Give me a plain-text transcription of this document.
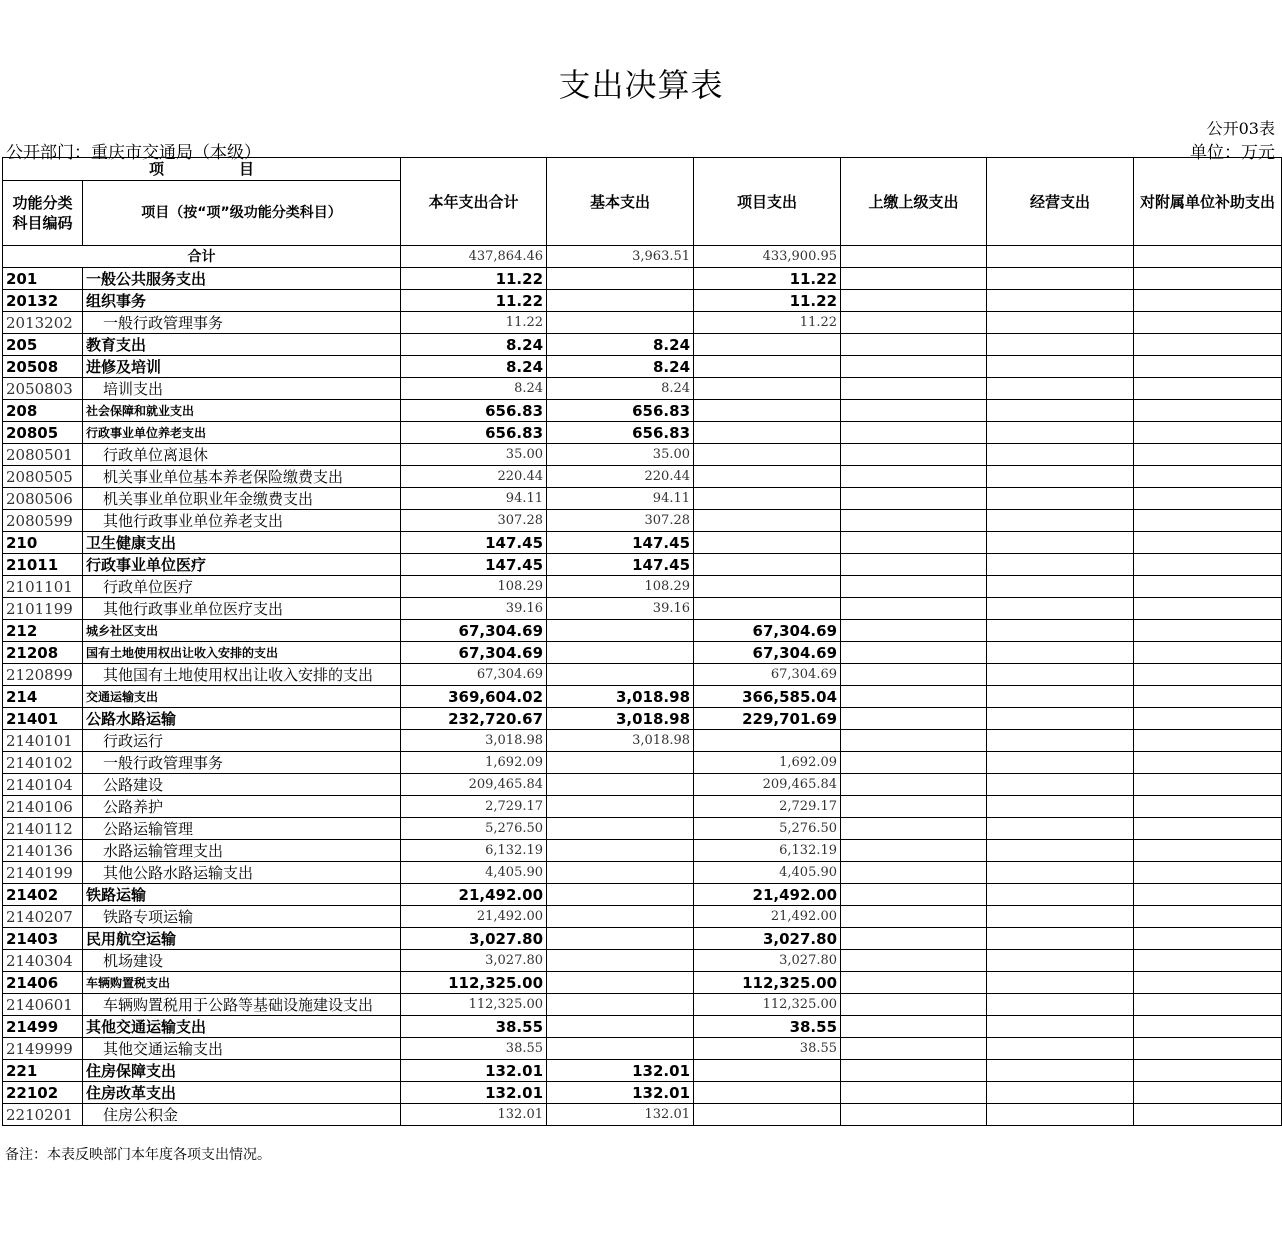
支出决算表
公开03表
公开部门：重庆市交通局（本级）	单位：万元
项　　　　　目		本年支出合计	基本支出	项目支出	上缴上级支出	经营支出	对附属单位补助支出
功能分类科目编码	项目（按“项”级功能分类科目）						
合计		437,864.46	3,963.51	433,900.95			
201	一般公共服务支出	11.22		11.22			
20132	组织事务	11.22		11.22			
2013202	一般行政管理事务	11.22		11.22			
205	教育支出	8.24	8.24				
20508	进修及培训	8.24	8.24				
2050803	培训支出	8.24	8.24				
208	社会保障和就业支出	656.83	656.83				
20805	行政事业单位养老支出	656.83	656.83				
2080501	行政单位离退休	35.00	35.00				
2080505	机关事业单位基本养老保险缴费支出	220.44	220.44				
2080506	机关事业单位职业年金缴费支出	94.11	94.11				
2080599	其他行政事业单位养老支出	307.28	307.28				
210	卫生健康支出	147.45	147.45				
21011	行政事业单位医疗	147.45	147.45				
2101101	行政单位医疗	108.29	108.29				
2101199	其他行政事业单位医疗支出	39.16	39.16				
212	城乡社区支出	67,304.69		67,304.69			
21208	国有土地使用权出让收入安排的支出	67,304.69		67,304.69			
2120899	其他国有土地使用权出让收入安排的支出	67,304.69		67,304.69			
214	交通运输支出	369,604.02	3,018.98	366,585.04			
21401	公路水路运输	232,720.67	3,018.98	229,701.69			
2140101	行政运行	3,018.98	3,018.98				
2140102	一般行政管理事务	1,692.09		1,692.09			
2140104	公路建设	209,465.84		209,465.84			
2140106	公路养护	2,729.17		2,729.17			
2140112	公路运输管理	5,276.50		5,276.50			
2140136	水路运输管理支出	6,132.19		6,132.19			
2140199	其他公路水路运输支出	4,405.90		4,405.90			
21402	铁路运输	21,492.00		21,492.00			
2140207	铁路专项运输	21,492.00		21,492.00			
21403	民用航空运输	3,027.80		3,027.80			
2140304	机场建设	3,027.80		3,027.80			
21406	车辆购置税支出	112,325.00		112,325.00			
2140601	车辆购置税用于公路等基础设施建设支出	112,325.00		112,325.00			
21499	其他交通运输支出	38.55		38.55			
2149999	其他交通运输支出	38.55		38.55			
221	住房保障支出	132.01	132.01				
22102	住房改革支出	132.01	132.01				
2210201	住房公积金	132.01	132.01				
备注：本表反映部门本年度各项支出情况。
